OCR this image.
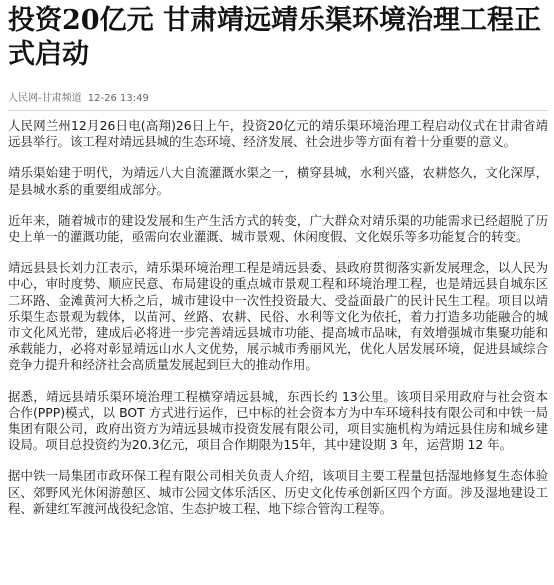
投资20亿元 甘肃靖远靖乐渠环境治理工程正式启动
人民网-甘肃频道 12-26 13:49

人民网兰州12月26日电(高翔)26日上午，投资20亿元的靖乐渠环境治理工程启动仪式在甘肃省靖远县举行。该工程对靖远县城的生态环境、经济发展、社会进步等方面有着十分重要的意义。

靖乐渠始建于明代，为靖远八大自流灌溉水渠之一，横穿县城，水利兴盛，农耕悠久，文化深厚，是县城水系的重要组成部分。

近年来，随着城市的建设发展和生产生活方式的转变，广大群众对靖乐渠的功能需求已经超脱了历史上单一的灌溉功能，亟需向农业灌溉、城市景观、休闲度假、文化娱乐等多功能复合的转变。

靖远县县长刘力江表示，靖乐渠环境治理工程是靖远县委、县政府贯彻落实新发展理念，以人民为中心，审时度势、顺应民意、布局建设的重点城市景观工程和环境治理工程，也是靖远县自城东区二环路、金滩黄河大桥之后，城市建设中一次性投资最大、受益面最广的民计民生工程。项目以靖乐渠生态景观为载体，以苗河、丝路、农耕、民俗、水利等文化为依托，着力打造多功能融合的城市文化风光带，建成后必将进一步完善靖远县城市功能、提高城市品味，有效增强城市集聚功能和承载能力，必将对彰显靖远山水人文优势，展示城市秀丽风光，优化人居发展环境，促进县域综合竞争力提升和经济社会高质量发展起到巨大的推动作用。

据悉，靖远县靖乐渠环境治理工程横穿靖远县城，东西长约 13公里。该项目采用政府与社会资本合作(PPP)模式，以 BOT 方式进行运作，已中标的社会资本方为中车环境科技有限公司和中铁一局集团有限公司，政府出资方为靖远县城市投资发展有限公司，项目实施机构为靖远县住房和城乡建设局。项目总投资约为20.3亿元，项目合作期限为15年，其中建设期 3 年，运营期 12 年。

据中铁一局集团市政环保工程有限公司相关负责人介绍，该项目主要工程量包括湿地修复生态体验区、郊野风光休闲游憩区、城市公园文体乐活区、历史文化传承创新区四个方面。涉及湿地建设工程、新建红军渡河战役纪念馆、生态护坡工程、地下综合管沟工程等。
